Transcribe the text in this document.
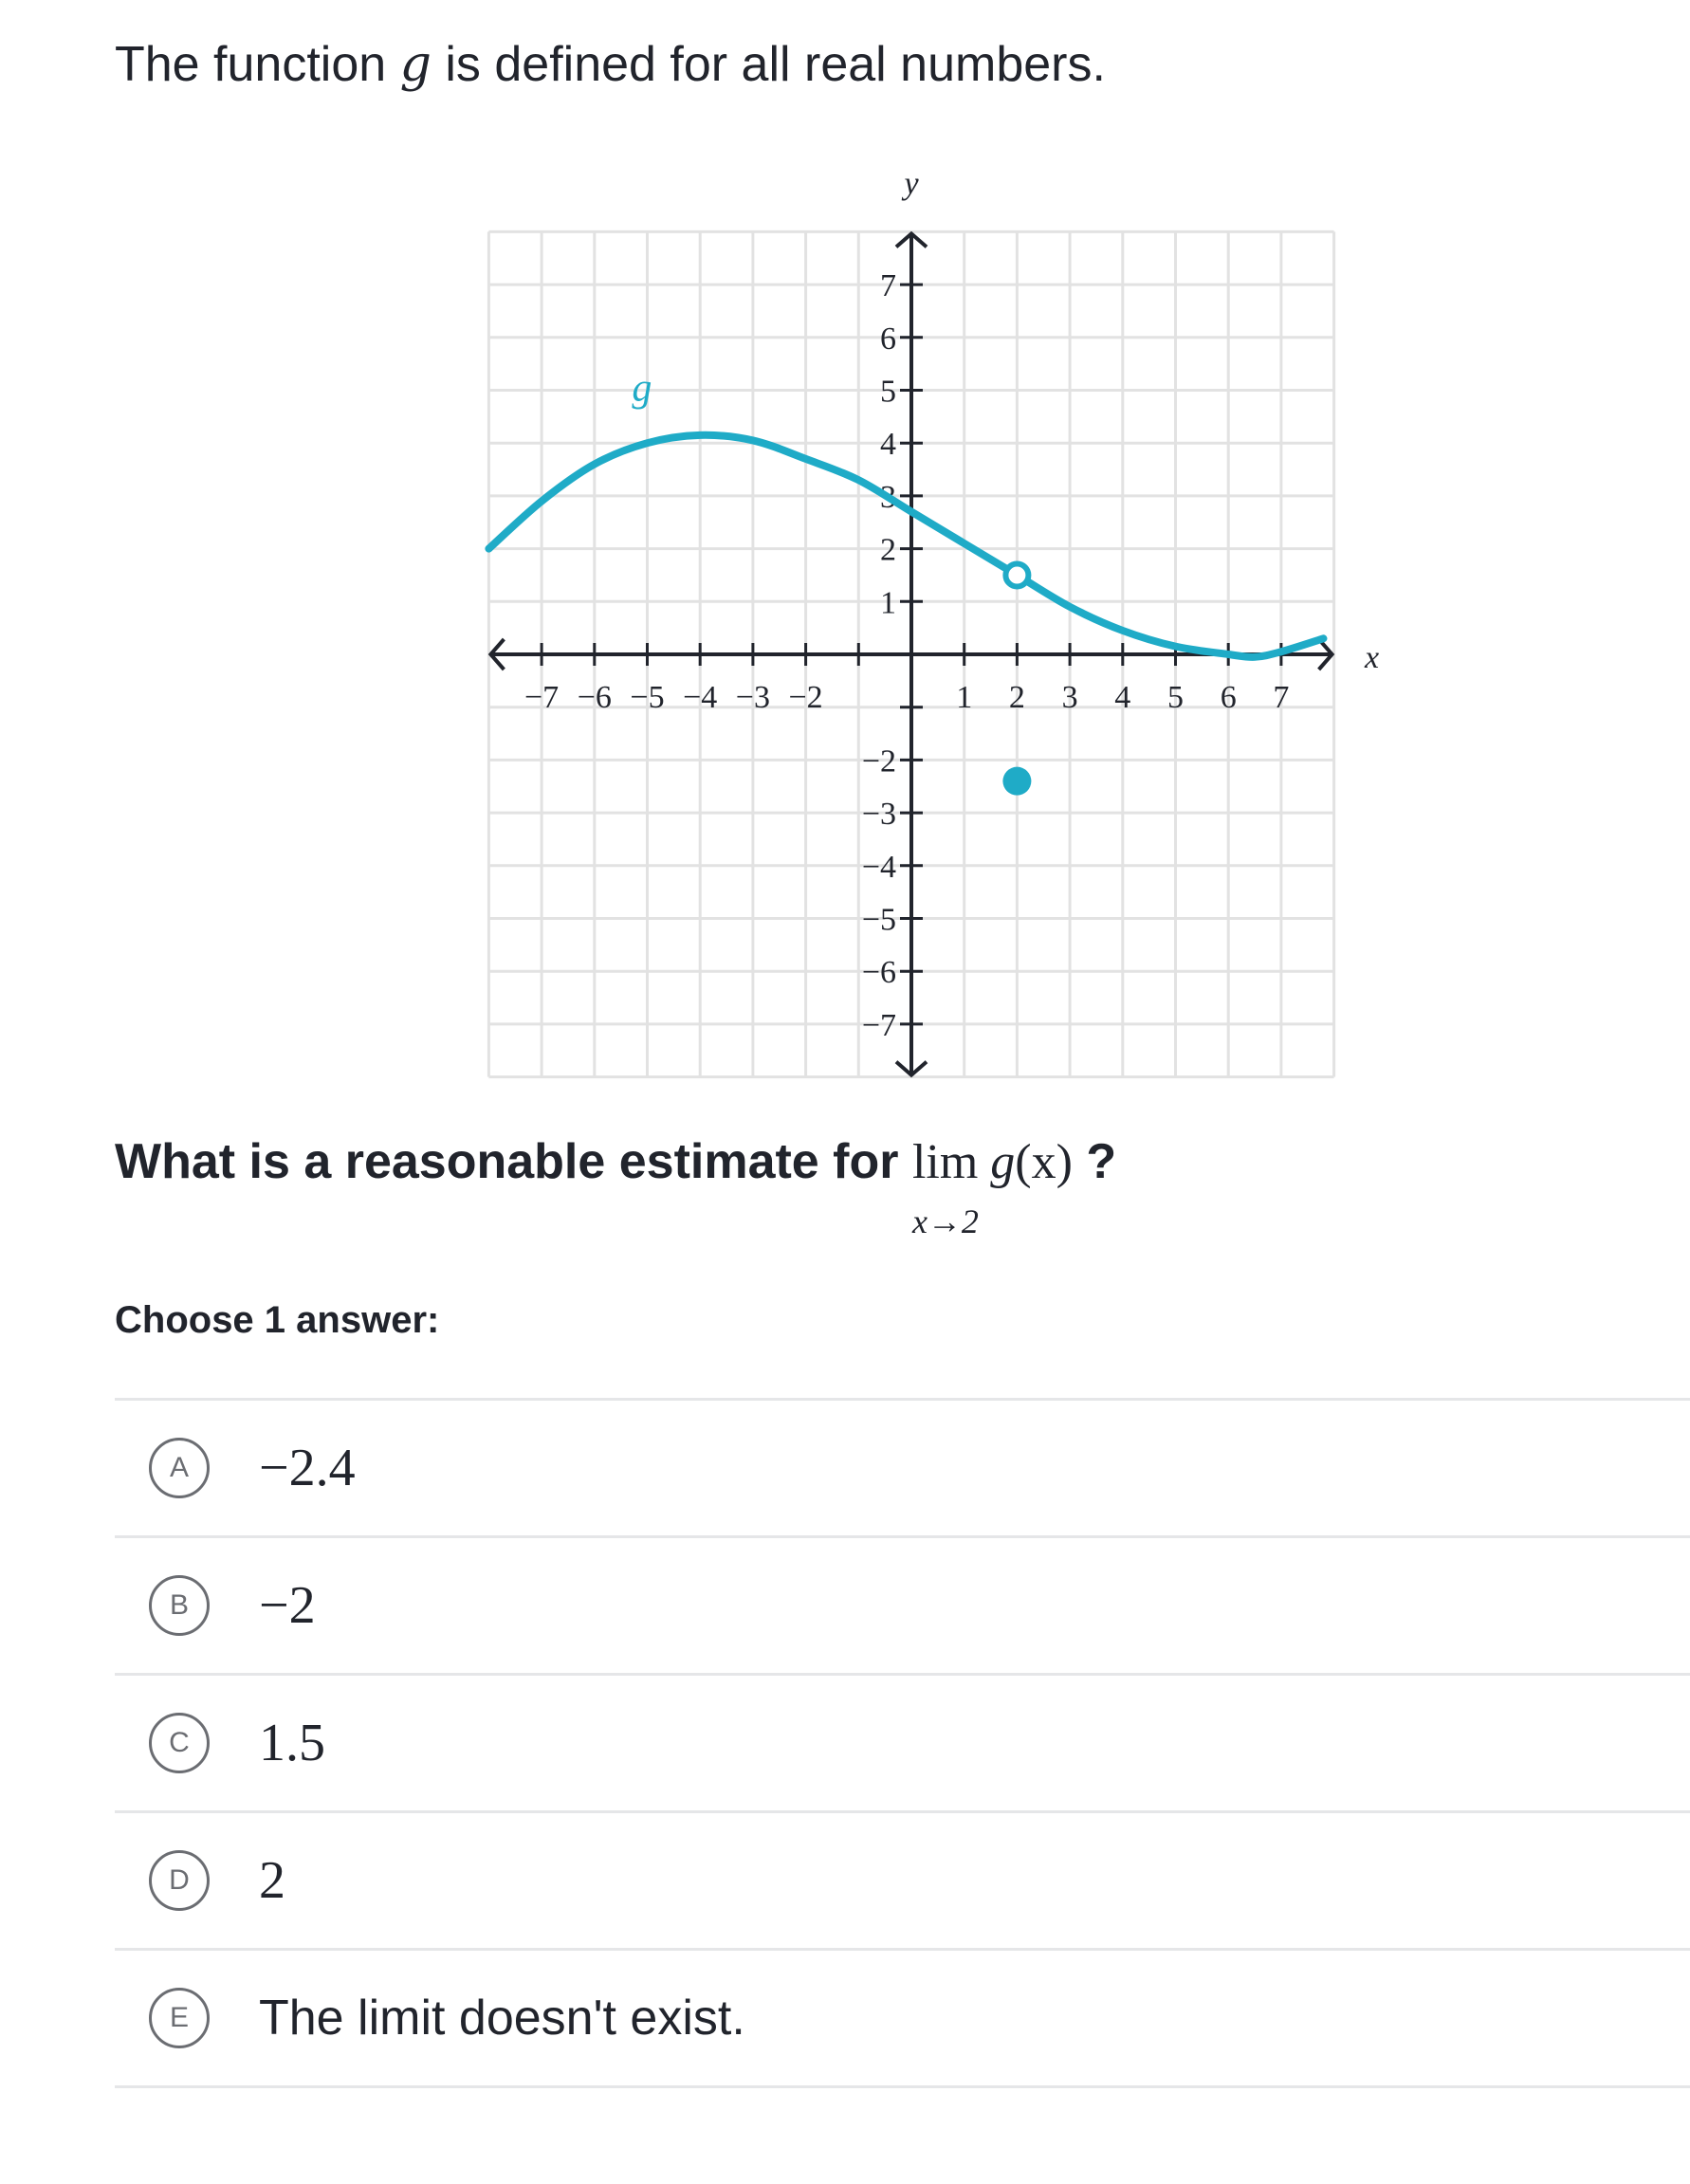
The function g is defined for all real numbers.
−7 −6 −5 −4 −3 −2	1 2 3 4 5 6 7
7
6
5
4
3
2
1
−2
−3
−4
−5
−6
−7
x
y
g
What is a reasonable estimate for lim
x→2
g(x) ?
Choose 1 answer:
A	−2.4
B	−2
C	1.5
D	2
E	The limit doesn't exist.
